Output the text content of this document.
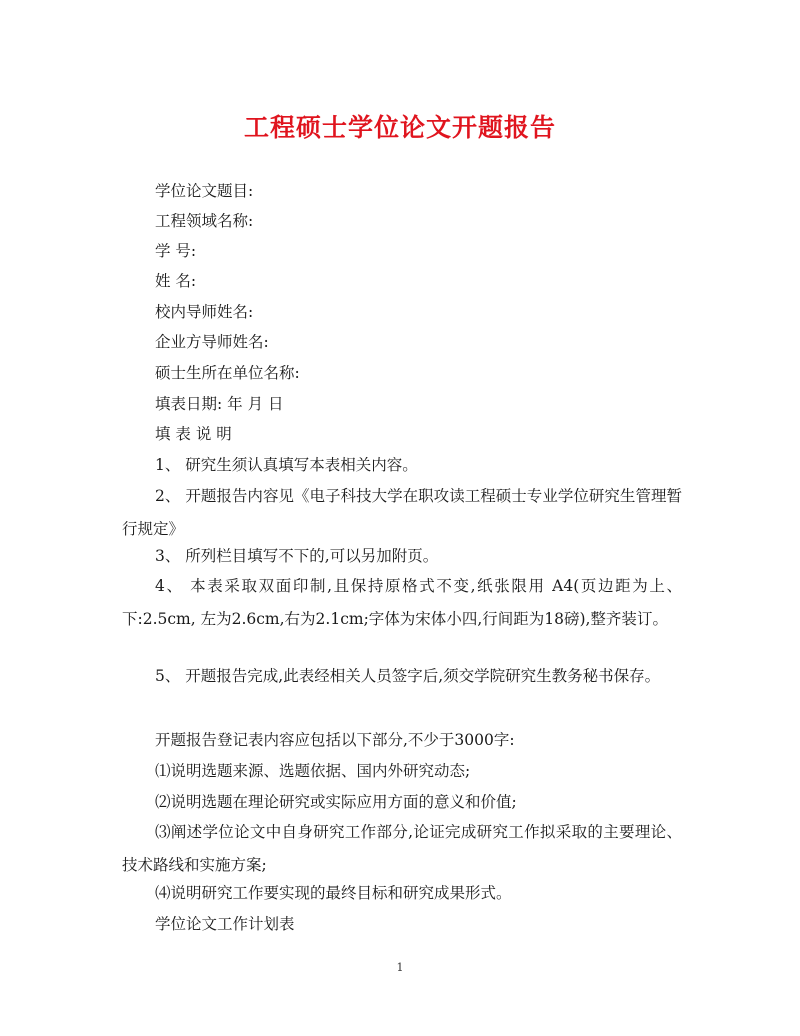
工程硕士学位论文开题报告
学位论文题目:
工程领域名称:
学 号:
姓 名:
校内导师姓名:
企业方导师姓名:
硕士生所在单位名称:
填表日期: 年 月 日
填 表 说 明
1、 研究生须认真填写本表相关内容。
2、 开题报告内容见《电子科技大学在职攻读工程硕士专业学位研究生管理暂行规定》
3、 所列栏目填写不下的,可以另加附页。
4、 本表采取双面印制,且保持原格式不变,纸张限用 A4(页边距为上、下:2.5cm, 左为2.6cm,右为2.1cm;字体为宋体小四,行间距为18磅),整齐装订。
5、 开题报告完成,此表经相关人员签字后,须交学院研究生教务秘书保存。
开题报告登记表内容应包括以下部分,不少于3000字:
⑴说明选题来源、选题依据、国内外研究动态;
⑵说明选题在理论研究或实际应用方面的意义和价值;
⑶阐述学位论文中自身研究工作部分,论证完成研究工作拟采取的主要理论、技术路线和实施方案;
⑷说明研究工作要实现的最终目标和研究成果形式。
学位论文工作计划表
1
